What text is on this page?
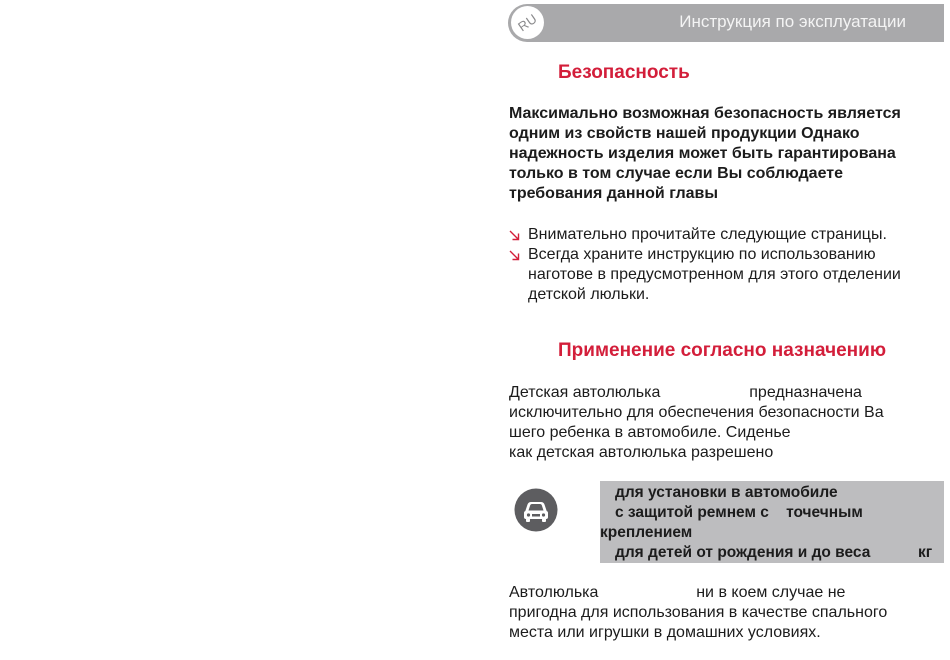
RU	Инструкция по эксплуатации
Безопасность

Максимально возможная безопасность является
одним из свойств нашей продукции Однако
надежность изделия может быть гарантирована
только в том случае если Вы соблюдаете
требования данной главы

Внимательно прочитайте следующие страницы.
Всегда храните инструкцию по использованию
наготове в предусмотренном для этого отделении
детской люльки.
Применение согласно назначению

Детская автолюлька                    предназначена
исключительно для обеспечения безопасности Ва
шего ребенка в автомобиле. Сиденье
как детская автолюлька разрешено

для установки в автомобиле
с защитой ремнем с    точечным
креплением
для детей от рождения и до веса	кг

Автолюлька                      ни в коем случае не
пригодна для использования в качестве спального
места или игрушки в домашних условиях.
